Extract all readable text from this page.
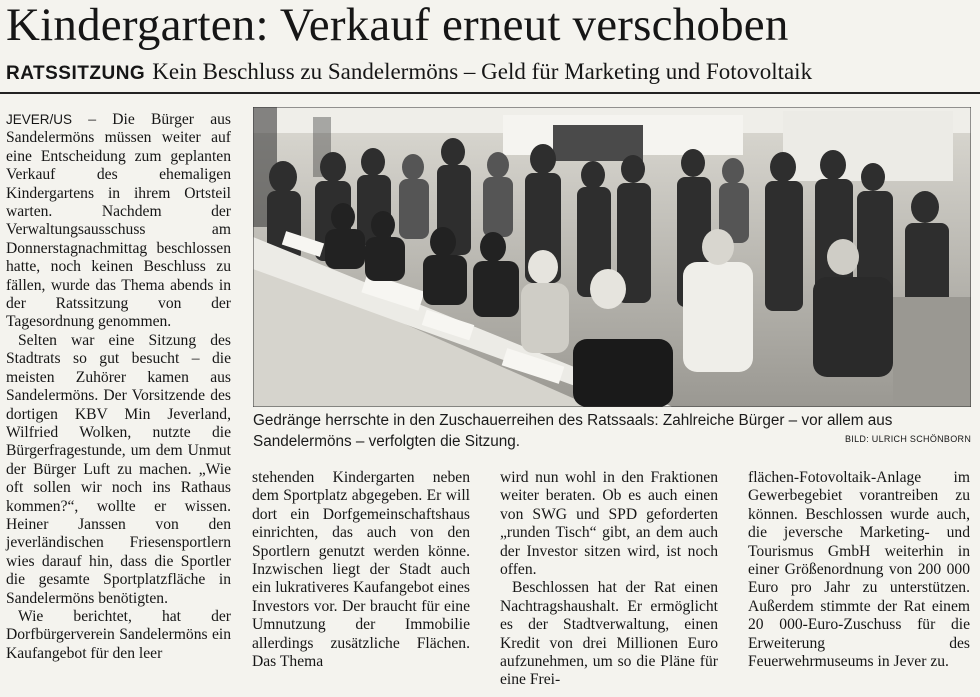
Kindergarten: Verkauf erneut verschoben
RATSSITZUNG Kein Beschluss zu Sandelermöns – Geld für Marketing und Fotovoltaik

JEVER/US – Die Bürger aus Sandelermöns müssen weiter auf eine Entscheidung zum geplanten Verkauf des ehemaligen Kindergartens in ihrem Ortsteil warten. Nachdem der Verwaltungsausschuss am Donnerstagnachmittag beschlossen hatte, noch keinen Beschluss zu fällen, wurde das Thema abends in der Ratssitzung von der Tagesordnung genommen.

Selten war eine Sitzung des Stadtrats so gut besucht – die meisten Zuhörer kamen aus Sandelermöns. Der Vorsitzende des dortigen KBV Min Jeverland, Wilfried Wolken, nutzte die Bürgerfragestunde, um dem Unmut der Bürger Luft zu machen. „Wie oft sollen wir noch ins Rathaus kommen?“, wollte er wissen. Heiner Janssen von den jeverländischen Friesensportlern wies darauf hin, dass die Sportler die gesamte Sportplatzfläche in Sandelermöns benötigten.

Wie berichtet, hat der Dorfbürgerverein Sandelermöns ein Kaufangebot für den leer

Gedränge herrschte in den Zuschauerreihen des Ratssaals: Zahlreiche Bürger – vor allem aus Sandelermöns – verfolgten die Sitzung.	BILD: ULRICH SCHÖNBORN

stehenden Kindergarten neben dem Sportplatz abgegeben. Er will dort ein Dorfgemeinschaftshaus einrichten, das auch von den Sportlern genutzt werden könne. Inzwischen liegt der Stadt auch ein lukrativeres Kaufangebot eines Investors vor. Der braucht für eine Umnutzung der Immobilie allerdings zusätzliche Flächen. Das Thema

wird nun wohl in den Fraktionen weiter beraten. Ob es auch einen von SWG und SPD geforderten „runden Tisch“ gibt, an dem auch der Investor sitzen wird, ist noch offen.

Beschlossen hat der Rat einen Nachtragshaushalt. Er ermöglicht es der Stadtverwaltung, einen Kredit von drei Millionen Euro aufzunehmen, um so die Pläne für eine Frei-

flächen-Fotovoltaik-Anlage im Gewerbegebiet vorantreiben zu können. Beschlossen wurde auch, die jeversche Marketing- und Tourismus GmbH weiterhin in einer Größenordnung von 200 000 Euro pro Jahr zu unterstützen. Außerdem stimmte der Rat einem 20 000-Euro-Zuschuss für die Erweiterung des Feuerwehrmuseums in Jever zu.
